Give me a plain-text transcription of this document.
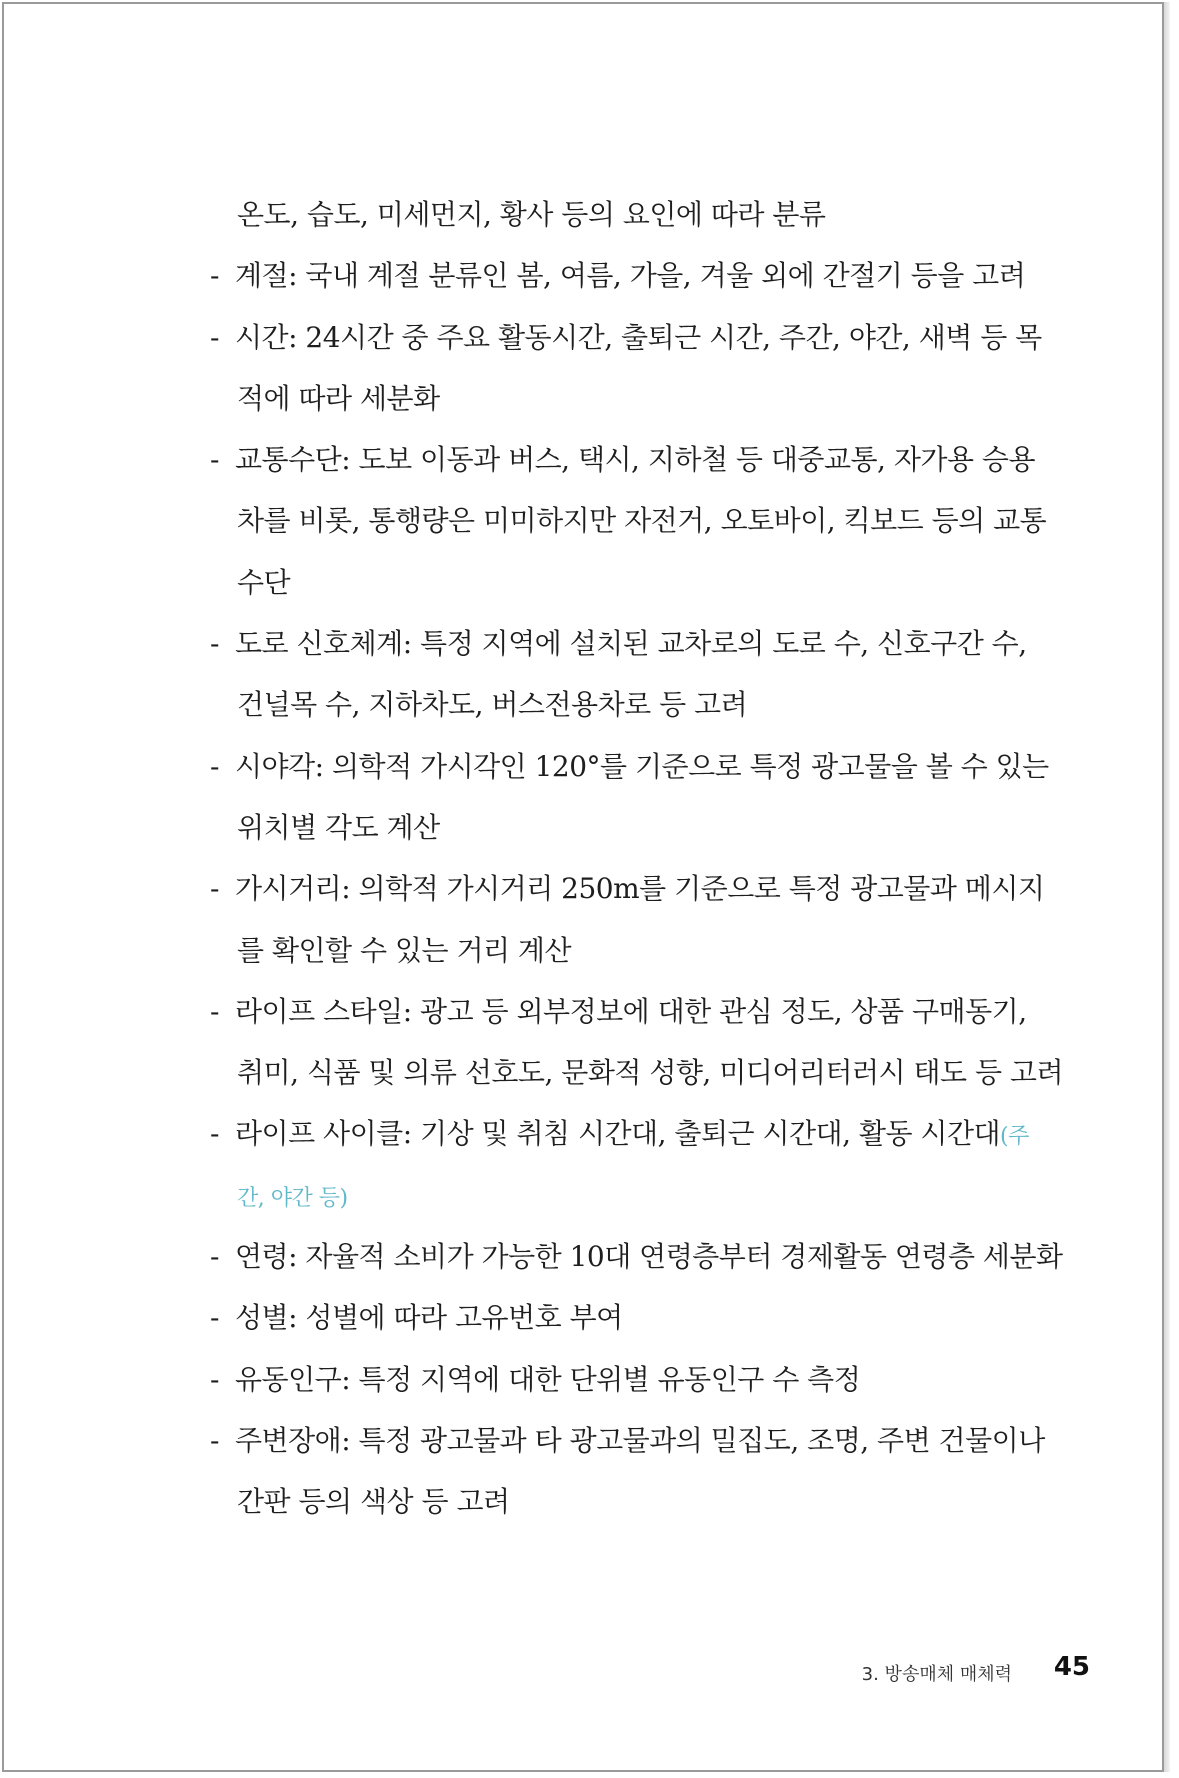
온도, 습도, 미세먼지, 황사 등의 요인에 따라 분류
- 계절: 국내 계절 분류인 봄, 여름, 가을, 겨울 외에 간절기 등을 고려
- 시간: 24시간 중 주요 활동시간, 출퇴근 시간, 주간, 야간, 새벽 등 목
적에 따라 세분화
- 교통수단: 도보 이동과 버스, 택시, 지하철 등 대중교통, 자가용 승용
차를 비롯, 통행량은 미미하지만 자전거, 오토바이, 킥보드 등의 교통
수단
- 도로 신호체계: 특정 지역에 설치된 교차로의 도로 수, 신호구간 수,
건널목 수, 지하차도, 버스전용차로 등 고려
- 시야각: 의학적 가시각인 120°를 기준으로 특정 광고물을 볼 수 있는
위치별 각도 계산
- 가시거리: 의학적 가시거리 250m를 기준으로 특정 광고물과 메시지
를 확인할 수 있는 거리 계산
- 라이프 스타일: 광고 등 외부정보에 대한 관심 정도, 상품 구매동기,
취미, 식품 및 의류 선호도, 문화적 성향, 미디어리터러시 태도 등 고려
- 라이프 사이클: 기상 및 취침 시간대, 출퇴근 시간대, 활동 시간대(주
간, 야간 등)
- 연령: 자율적 소비가 가능한 10대 연령층부터 경제활동 연령층 세분화
- 성별: 성별에 따라 고유번호 부여
- 유동인구: 특정 지역에 대한 단위별 유동인구 수 측정
- 주변장애: 특정 광고물과 타 광고물과의 밀집도, 조명, 주변 건물이나
간판 등의 색상 등 고려
3. 방송매체 매체력 45
